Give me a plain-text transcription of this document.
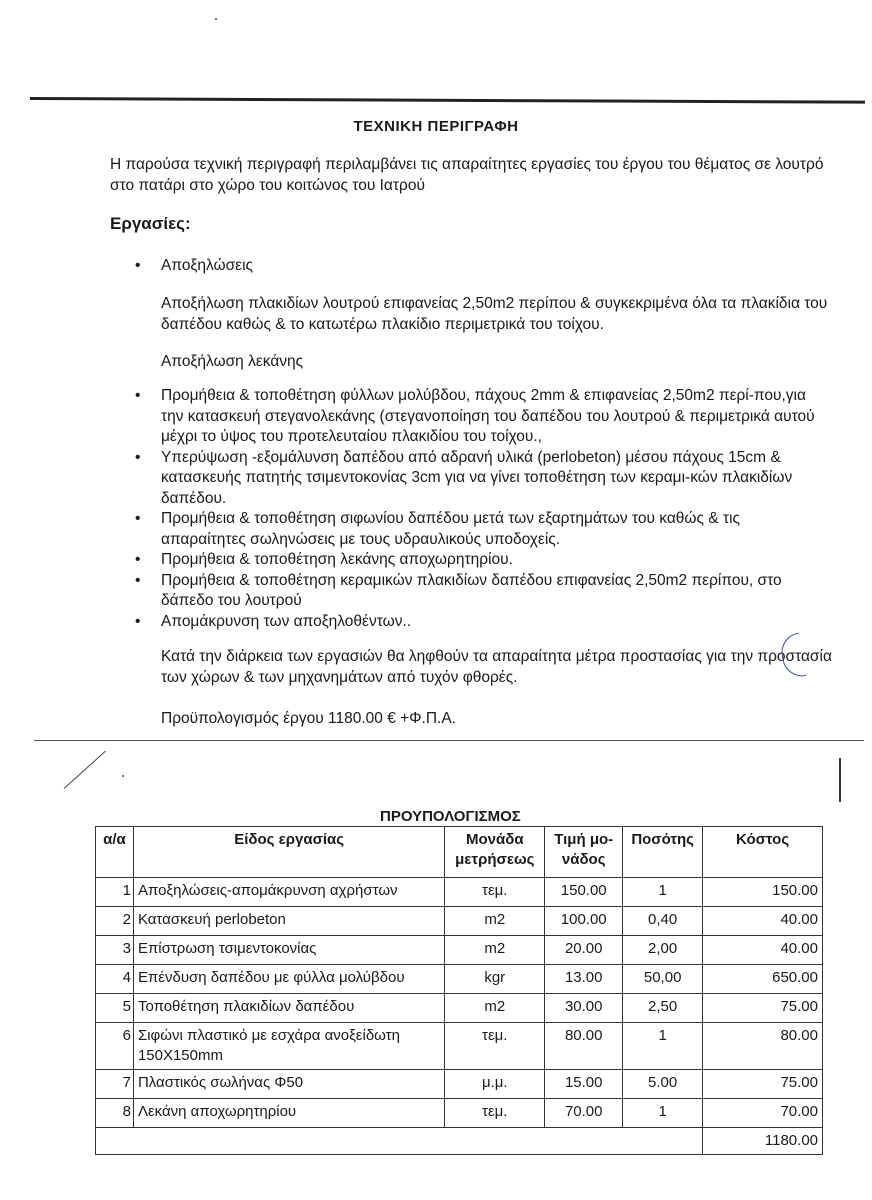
ΤΕΧΝΙΚΗ ΠΕΡΙΓΡΑΦΗ

Η παρούσα τεχνική περιγραφή περιλαμβάνει τις απαραίτητες εργασίες του έργου του θέματος σε λουτρό στο πατάρι στο χώρο του κοιτώνος του Ιατρού

Εργασίες:
• Αποξηλώσεις

Αποξήλωση πλακιδίων λουτρού επιφανείας 2,50m2 περίπου & συγκεκριμένα όλα τα πλακίδια του δαπέδου καθώς & το κατωτέρω πλακίδιο περιμετρικά του τοίχου.

Αποξήλωση λεκάνης

• Προμήθεια & τοποθέτηση φύλλων μολύβδου, πάχους 2mm & επιφανείας 2,50m2 περί-που,για την κατασκευή στεγανολεκάνης (στεγανοποίηση του δαπέδου του λουτρού & περιμετρικά αυτού μέχρι το ύψος του προτελευταίου πλακιδίου του τοίχου.,
• Υπερύψωση -εξομάλυνση δαπέδου από αδρανή υλικά (perlobeton) μέσου πάχους 15cm & κατασκευής πατητής τσιμεντοκονίας 3cm για να γίνει τοποθέτηση των κεραμι-κών πλακιδίων δαπέδου.
• Προμήθεια & τοποθέτηση σιφωνίου δαπέδου μετά των εξαρτημάτων του καθώς & τις απαραίτητες σωληνώσεις με τους υδραυλικούς υποδοχείς.
• Προμήθεια & τοποθέτηση λεκάνης αποχωρητηρίου.
• Προμήθεια & τοποθέτηση κεραμικών πλακιδίων δαπέδου επιφανείας 2,50m2 περίπου, στο δάπεδο του λουτρού
• Απομάκρυνση των αποξηλοθέντων..

Κατά την διάρκεια των εργασιών θα ληφθούν τα απαραίτητα μέτρα προστασίας για την προστασία των χώρων & των μηχανημάτων από τυχόν φθορές.

Προϋπολογισμός έργου 1180.00 € +Φ.Π.Α.

ΠΡΟΥΠΟΛΟΓΙΣΜΟΣ
α/α	Είδος εργασίας	Μονάδα μετρήσεως	Τιμή μο-νάδος	Ποσότης	Κόστος
1	Αποξηλώσεις-απομάκρυνση αχρήστων	τεμ.	150.00	1	150.00
2	Κατασκευή perlobeton	m2	100.00	0,40	40.00
3	Επίστρωση τσιμεντοκονίας	m2	20.00	2,00	40.00
4	Επένδυση δαπέδου με φύλλα μολύβδου	kgr	13.00	50,00	650.00
5	Τοποθέτηση πλακιδίων δαπέδου	m2	30.00	2,50	75.00
6	Σιφώνι πλαστικό με εσχάρα ανοξείδωτη 150Χ150mm	τεμ.	80.00	1	80.00
7	Πλαστικός σωλήνας Φ50	μ.μ.	15.00	5.00	75.00
8	Λεκάνη αποχωρητηρίου	τεμ.	70.00	1	70.00
					1180.00
